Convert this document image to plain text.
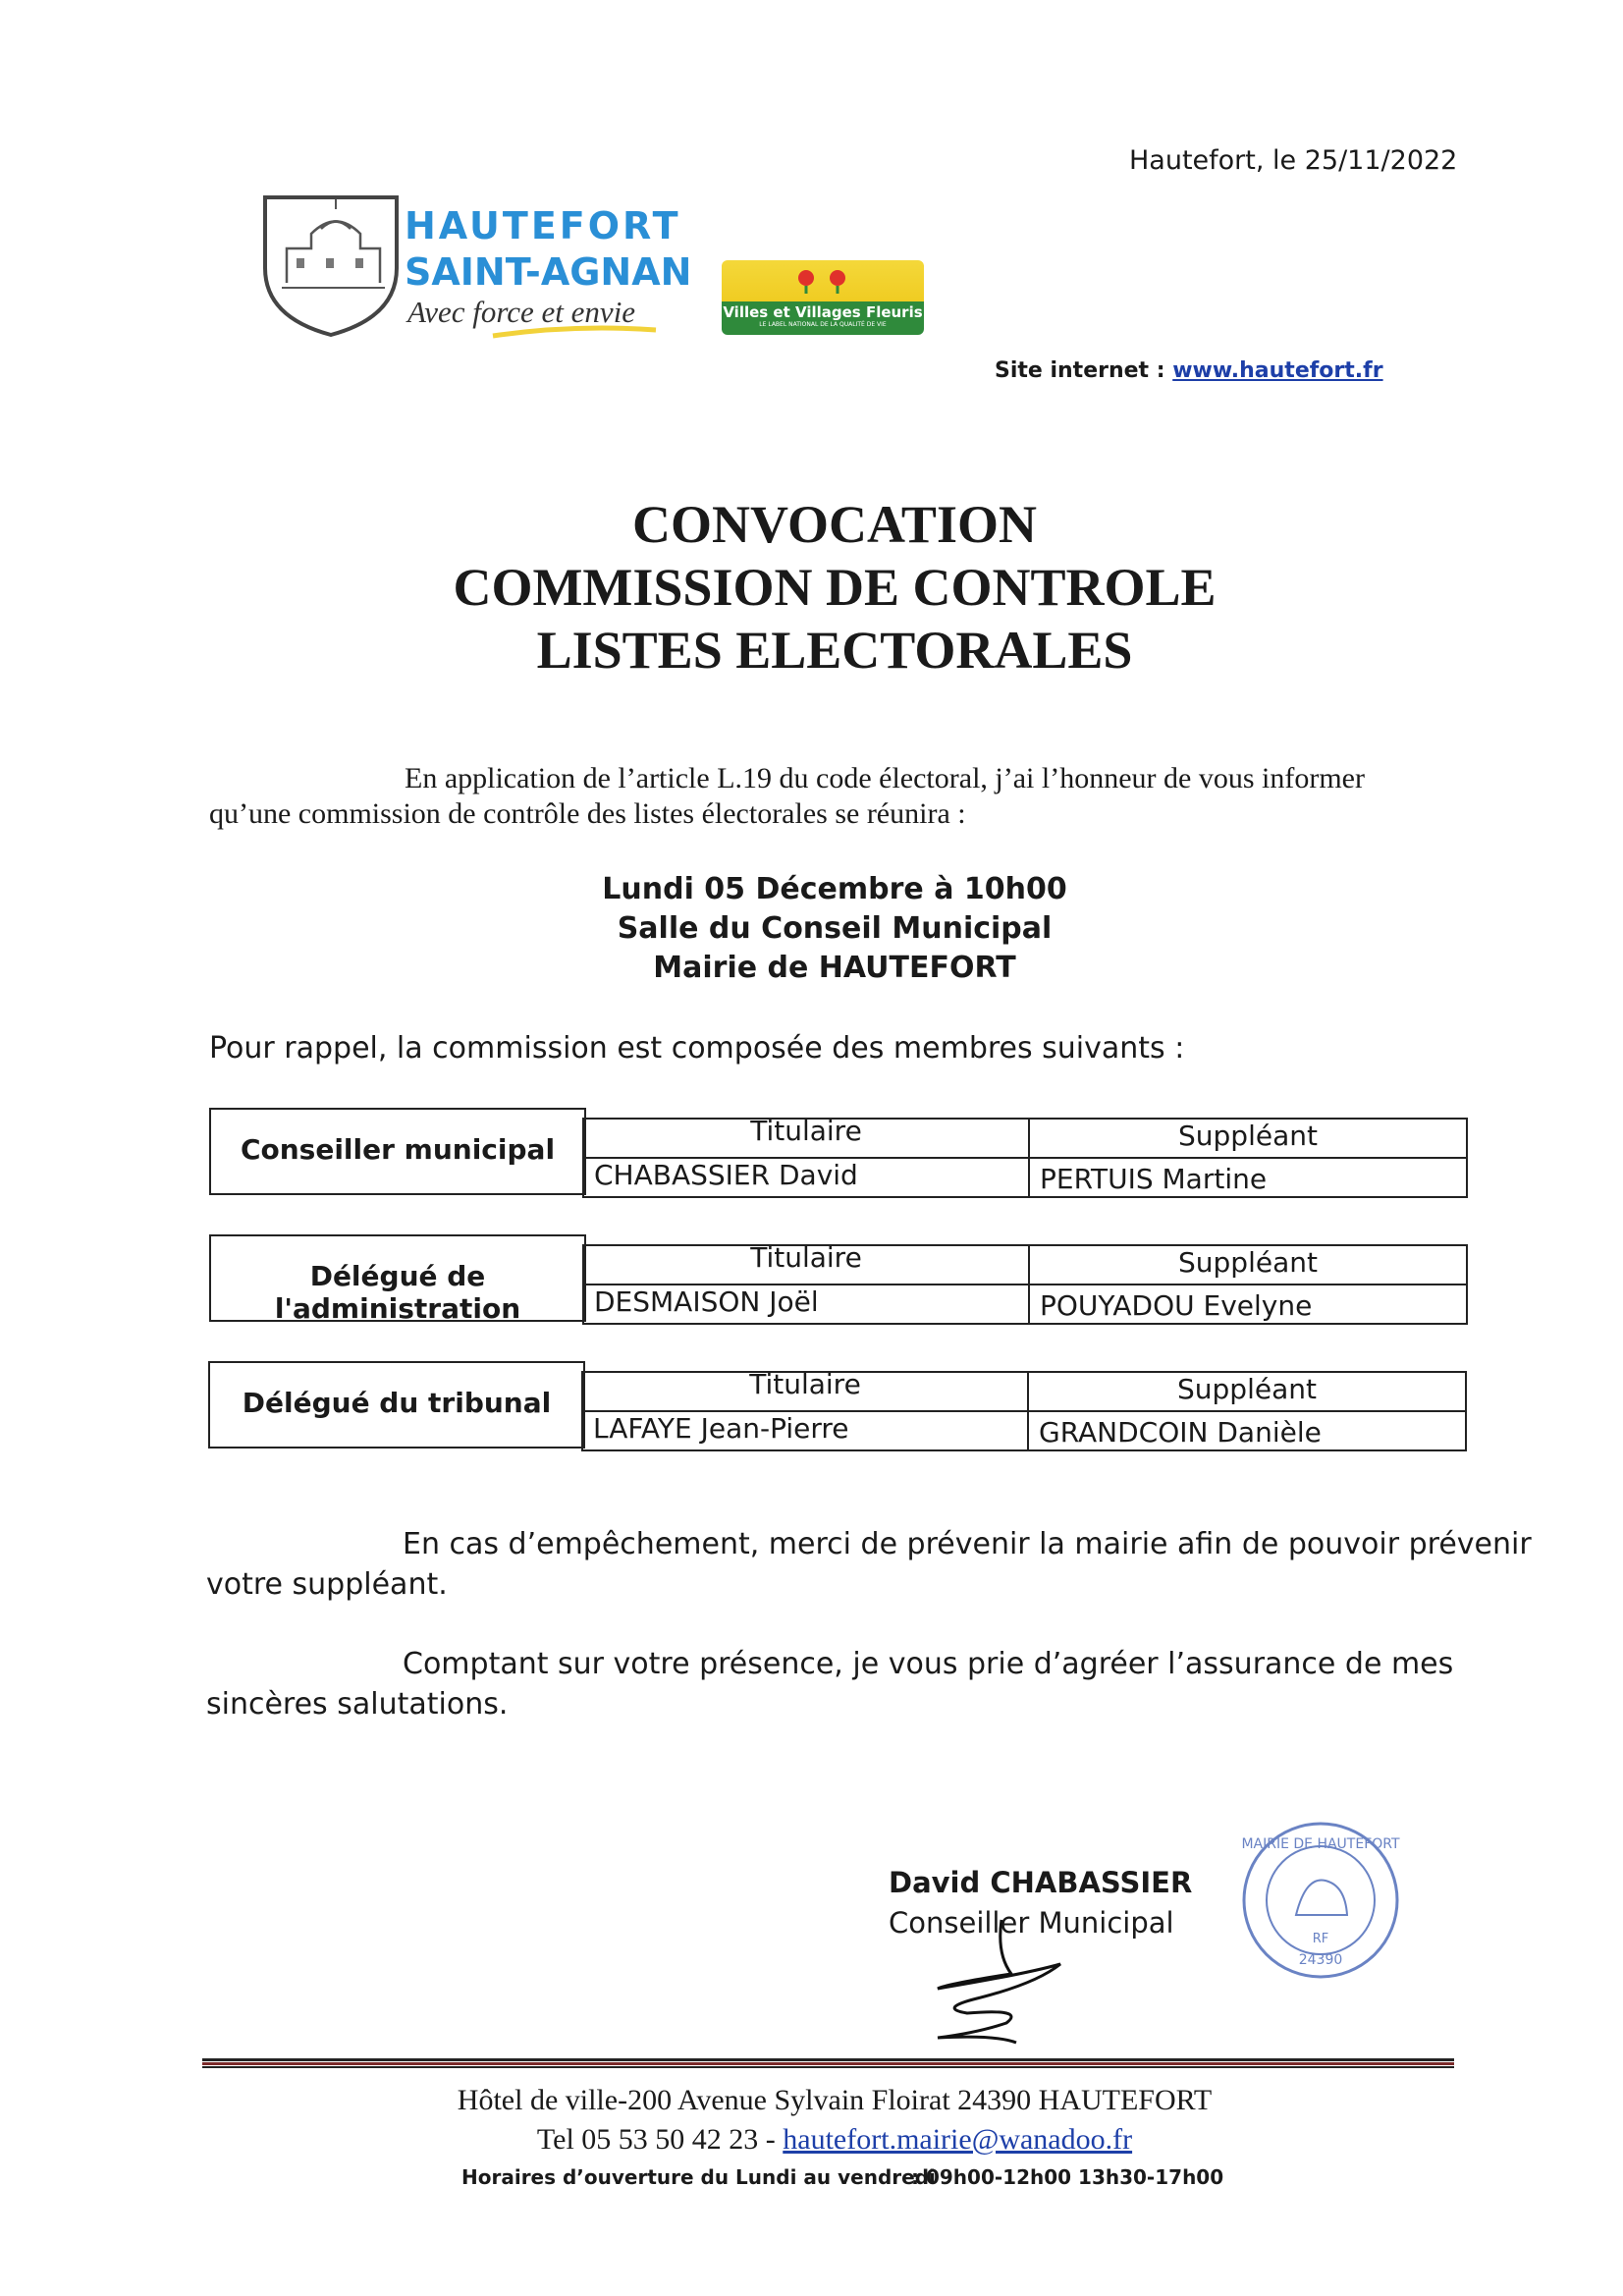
Hautefort, le 25/11/2022
HAUTEFORT
SAINT-AGNAN
Avec force et envie	Villes et Villages Fleuris
LE LABEL NATIONAL DE LA QUALITÉ DE VIE
Site internet : www.hautefort.fr
CONVOCATION
COMMISSION DE CONTROLE
LISTES ELECTORALES
En application de l’article L.19 du code électoral, j’ai l’honneur de vous informer
qu’une commission de contrôle des listes électorales se réunira :
Lundi 05 Décembre à 10h00
Salle du Conseil Municipal
Mairie de HAUTEFORT
Pour rappel, la commission est composée des membres suivants :
Conseiller municipal
Titulaire	Suppléant
CHABASSIER David	PERTUIS Martine
Délégué de l'administration
Titulaire	Suppléant
DESMAISON Joël	POUYADOU Evelyne
Délégué du tribunal
Titulaire	Suppléant
LAFAYE Jean-Pierre	GRANDCOIN Danièle
En cas d’empêchement, merci de prévenir la mairie afin de pouvoir prévenir
votre suppléant.
Comptant sur votre présence, je vous prie d’agréer l’assurance de mes
sincères salutations.
David CHABASSIER
Conseiller Municipal
MAIRIE DE HAUTEFORT
RF
24390
Hôtel de ville-200 Avenue Sylvain Floirat 24390 HAUTEFORT
Tel 05 53 50 42 23 - hautefort.mairie@wanadoo.fr
Horaires d’ouverture du Lundi au vendredi
: 09h00-12h00 13h30-17h00
